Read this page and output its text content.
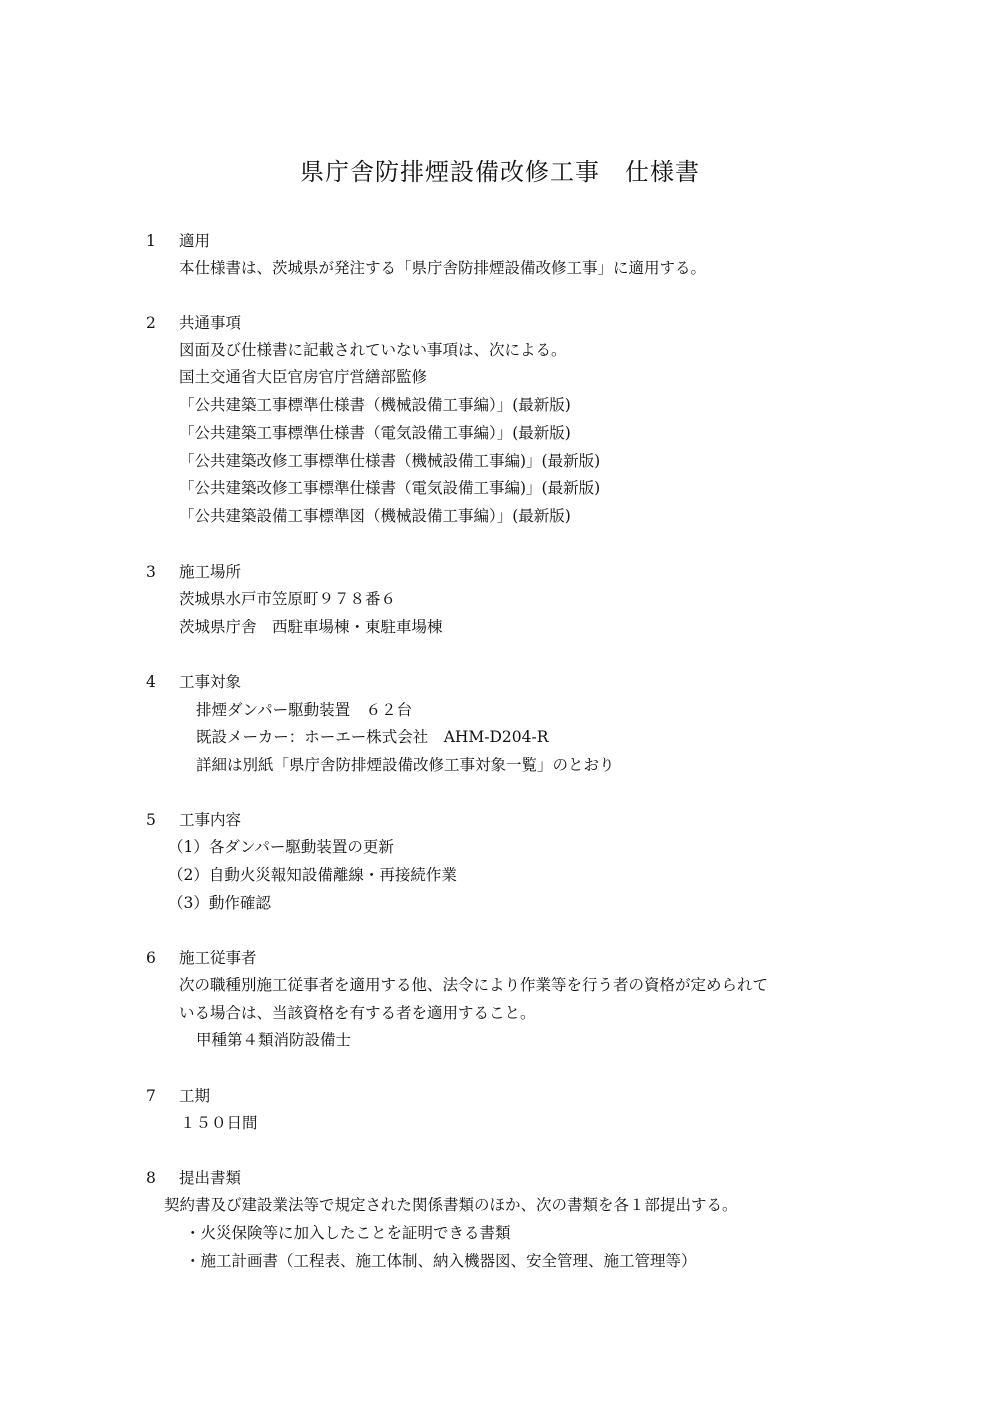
県庁舎防排煙設備改修工事　仕様書
1 適用
本仕様書は、茨城県が発注する「県庁舎防排煙設備改修工事」に適用する。
2 共通事項
図面及び仕様書に記載されていない事項は、次による。
国土交通省大臣官房官庁営繕部監修
「公共建築工事標準仕様書（機械設備工事編）」(最新版)
「公共建築工事標準仕様書（電気設備工事編）」(最新版)
「公共建築改修工事標準仕様書（機械設備工事編)」(最新版)
「公共建築改修工事標準仕様書（電気設備工事編)」(最新版)
「公共建築設備工事標準図（機械設備工事編）」(最新版)
3 施工場所
茨城県水戸市笠原町９７８番６
茨城県庁舎　西駐車場棟・東駐車場棟
4 工事対象
排煙ダンパー駆動装置　６２台
既設メーカー：ホーエー株式会社　AHM-D204-R
詳細は別紙「県庁舎防排煙設備改修工事対象一覧」のとおり
5 工事内容
（1）各ダンパー駆動装置の更新
（2）自動火災報知設備離線・再接続作業
（3）動作確認
6 施工従事者
次の職種別施工従事者を適用する他、法令により作業等を行う者の資格が定められて
いる場合は、当該資格を有する者を適用すること。
甲種第４類消防設備士
7 工期
１５０日間
8 提出書類
契約書及び建設業法等で規定された関係書類のほか、次の書類を各１部提出する。
・火災保険等に加入したことを証明できる書類
・施工計画書（工程表、施工体制、納入機器図、安全管理、施工管理等）
